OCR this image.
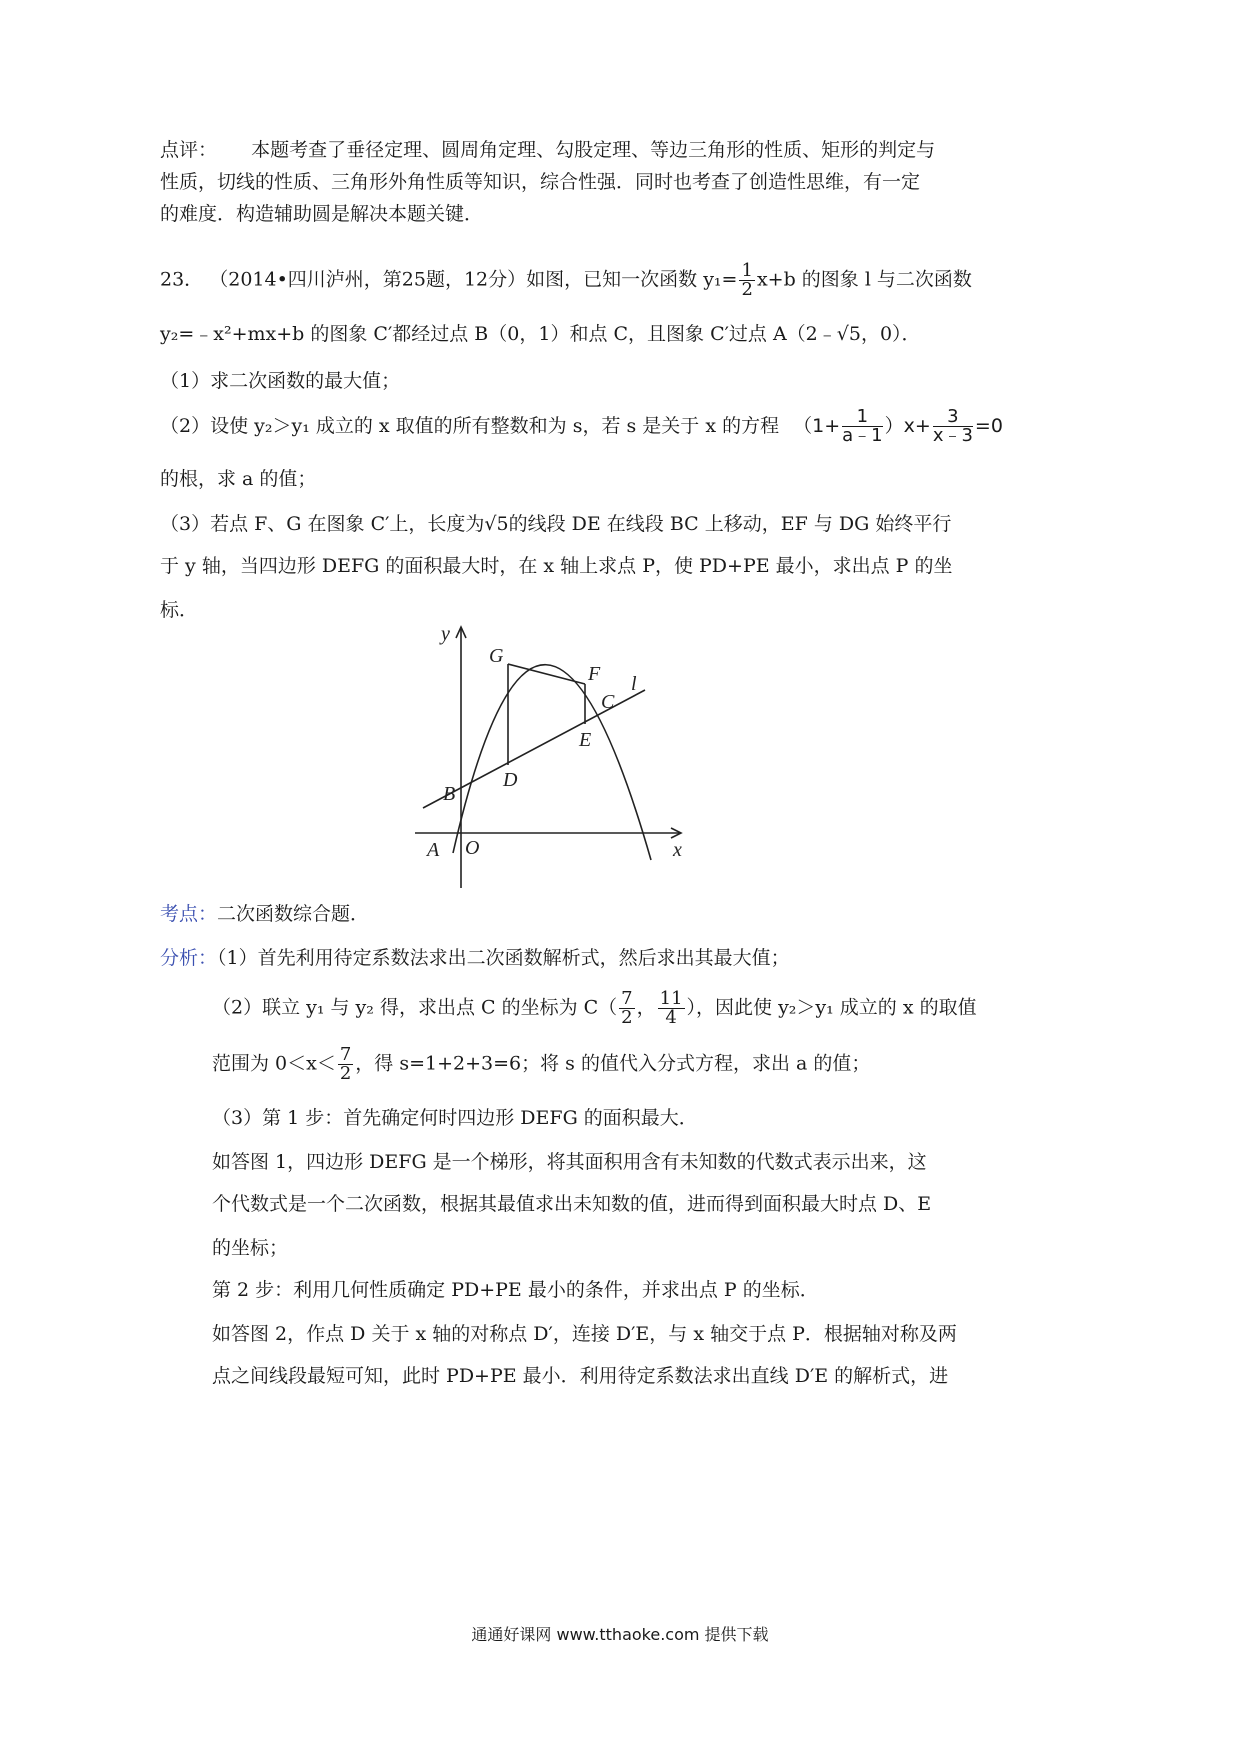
点评： 本题考查了垂径定理、圆周角定理、勾股定理、等边三角形的性质、矩形的判定与
性质，切线的性质、三角形外角性质等知识，综合性强．同时也考查了创造性思维，有一定
的难度．构造辅助圆是解决本题关键．
23． （2014•四川泸州，第25题，12分）如图，已知一次函数 $y_1= \frac{1}{2} x+b$ 的图象 l 与二次函数
y₂=﹣x²+mx+b 的图象 C′都经过点 B（0，1）和点 C，且图象 C′过点 A（2﹣√5，0）．
（1）求二次函数的最大值；
（2）设使 y₂＞y₁ 成立的 x 取值的所有整数和为 s，若 s 是关于 x 的方程 $(1+ \frac{1}{a﹣1} )x+ \frac{3}{x﹣3} =0$
的根，求 a 的值；
（3）若点 F、G 在图象 C′上，长度为√5的线段 DE 在线段 BC 上移动，EF 与 DG 始终平行
于 y 轴，当四边形 DEFG 的面积最大时，在 x 轴上求点 P，使 PD+PE 最小，求出点 P 的坐
标．
y
x
O
A
B
D
E
C
F
G
l
考点：二次函数综合题．
分析：（1）首先利用待定系数法求出二次函数解析式，然后求出其最大值；
（2）联立 y₁ 与 y₂ 得，求出点 C 的坐标为 $C( \frac{7}{2}$ ， $\frac{11}{4}$ ），因此使 y₂＞y₁ 成立的 x 的取值
范围为 $0<x< \frac{7}{2}$ ，得 s=1+2+3=6；将 s 的值代入分式方程，求出 a 的值；
（3）第 1 步：首先确定何时四边形 DEFG 的面积最大．
如答图 1，四边形 DEFG 是一个梯形，将其面积用含有未知数的代数式表示出来，这
个代数式是一个二次函数，根据其最值求出未知数的值，进而得到面积最大时点 D、E
的坐标；
第 2 步：利用几何性质确定 PD+PE 最小的条件，并求出点 P 的坐标．
如答图 2，作点 D 关于 x 轴的对称点 D′，连接 D′E，与 x 轴交于点 P．根据轴对称及两
点之间线段最短可知，此时 PD+PE 最小．利用待定系数法求出直线 D′E 的解析式，进
通通好课网 www.tthaoke.com 提供下载
